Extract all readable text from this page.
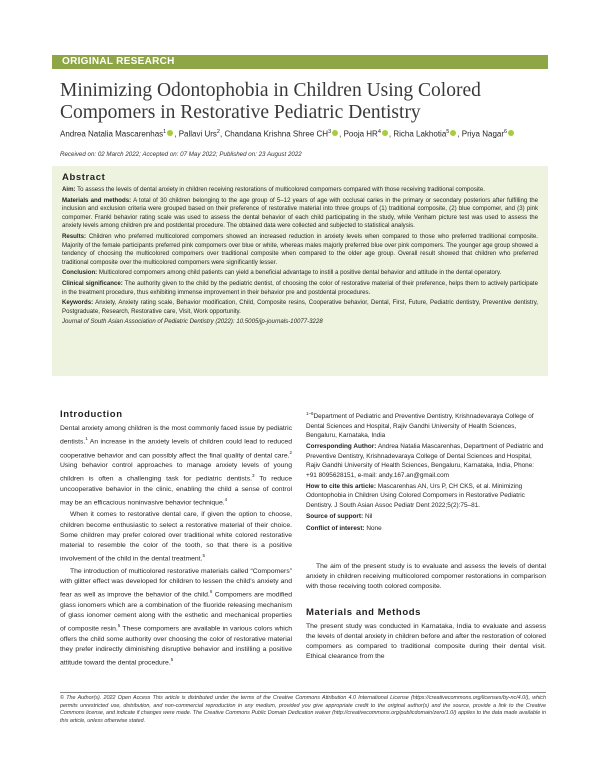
ORIGINAL RESEARCH
Minimizing Odontophobia in Children Using Colored Compomers in Restorative Pediatric Dentistry
Andrea Natalia Mascarenhas$^1$ , Pallavi Urs$^2$, Chandana Krishna Shree $CH^3$ , Pooja $HR^4$ , Richa Lakhotia$^5$ , Priya Nagar$^6$
Received on: 02 March 2022; Accepted on: 07 May 2022; Published on: 23 August 2022
Abstract

Aim: To assess the levels of dental anxiety in children receiving restorations of multicolored compomers compared with those receiving traditional composite.

Materials and methods: A total of 30 children belonging to the age group of 5–12 years of age with occlusal caries in the primary or secondary posteriors after fulfilling the inclusion and exclusion criteria were grouped based on their preference of restorative material into three groups of (1) traditional composite, (2) blue compomer, and (3) pink compomer. Frankl behavior rating scale was used to assess the dental behavior of each child participating in the study, while Venham picture test was used to assess the anxiety levels among children pre and postdental procedure. The obtained data were collected and subjected to statistical analysis.

Results: Children who preferred multicolored compomers showed an increased reduction in anxiety levels when compared to those who preferred traditional composite. Majority of the female participants preferred pink compomers over blue or white, whereas males majorly preferred blue over pink compomers. The younger age group showed a tendency of choosing the multicolored compomers over traditional composite when compared to the older age group. Overall result showed that children who preferred traditional composite over the multicolored compomers were significantly lesser.

Conclusion: Multicolored compomers among child patients can yield a beneficial advantage to instill a positive dental behavior and attitude in the dental operatory.

Clinical significance: The authority given to the child by the pediatric dentist, of choosing the color of restorative material of their preference, helps them to actively participate in the treatment procedure, thus exhibiting immense improvement in their behavior pre and postdental procedures.

Keywords: Anxiety, Anxiety rating scale, Behavior modification, Child, Composite resins, Cooperative behavior, Dental, First, Future, Pediatric dentistry, Preventive dentistry, Postgraduate, Research, Restorative care, Visit, Work opportunity.

Journal of South Asian Association of Pediatric Dentistry (2022): 10.5005/jp-journals-10077-3228

Introduction

Dental anxiety among children is the most commonly faced issue by pediatric dentists.$^1$ An increase in the anxiety levels of children could lead to reduced cooperative behavior and can possibly affect the final quality of dental care.$^2$ Using behavior control approaches to manage anxiety levels of young children is often a challenging task for pediatric dentists.$^3$ To reduce uncooperative behavior in the clinic, enabling the child a sense of control may be an efficacious noninvasive behavior technique.$^4$

When it comes to restorative dental care, if given the option to choose, children become enthusiastic to select a restorative material of their choice. Some children may prefer colored over traditional white colored restorative material to resemble the color of the tooth, so that there is a positive involvement of the child in the dental treatment.$^5$

The introduction of multicolored restorative materials called “Compomers” with glitter effect was developed for children to lessen the child's anxiety and fear as well as improve the behavior of the child.$^6$ Compomers are modified glass ionomers which are a combination of the fluoride releasing mechanism of glass ionomer cement along with the esthetic and mechanical properties of composite resin.$^5$ These compomers are available in various colors which offers the child some authority over choosing the color of restorative material they prefer indirectly diminishing disruptive behavior and instilling a positive attitude toward the dental procedure.$^5$

$^{1-6}$Department of Pediatric and Preventive Dentistry, Krishnadevaraya College of Dental Sciences and Hospital, Rajiv Gandhi University of Health Sciences, Bengaluru, Karnataka, India

Corresponding Author: Andrea Natalia Mascarenhas, Department of Pediatric and Preventive Dentistry, Krishnadevaraya College of Dental Sciences and Hospital, Rajiv Gandhi University of Health Sciences, Bengaluru, Karnataka, India, Phone: +91 8095628151, e-mail: andy.167.an@gmail.com

How to cite this article: Mascarenhas AN, Urs P, CH CKS, et al. Minimizing Odontophobia in Children Using Colored Compomers in Restorative Pediatric Dentistry. J South Asian Assoc Pediatr Dent 2022;5(2):75–81.

Source of support: Nil

Conflict of interest: None

The aim of the present study is to evaluate and assess the levels of dental anxiety in children receiving multicolored compomer restorations in comparison with those receiving tooth colored composite.

Materials and Methods

The present study was conducted in Karnataka, India to evaluate and assess the levels of dental anxiety in children before and after the restoration of colored compomers as compared to traditional composite during their dental visit. Ethical clearance from the

© The Author(s). 2022 Open Access This article is distributed under the terms of the Creative Commons Attribution 4.0 International License (https://creativecommons.org/licenses/by-nc/4.0/), which permits unrestricted use, distribution, and non-commercial reproduction in any medium, provided you give appropriate credit to the original author(s) and the source, provide a link to the Creative Commons license, and indicate if changes were made. The Creative Commons Public Domain Dedication waiver (http://creativecommons.org/publicdomain/zero/1.0/) applies to the data made available in this article, unless otherwise stated.
